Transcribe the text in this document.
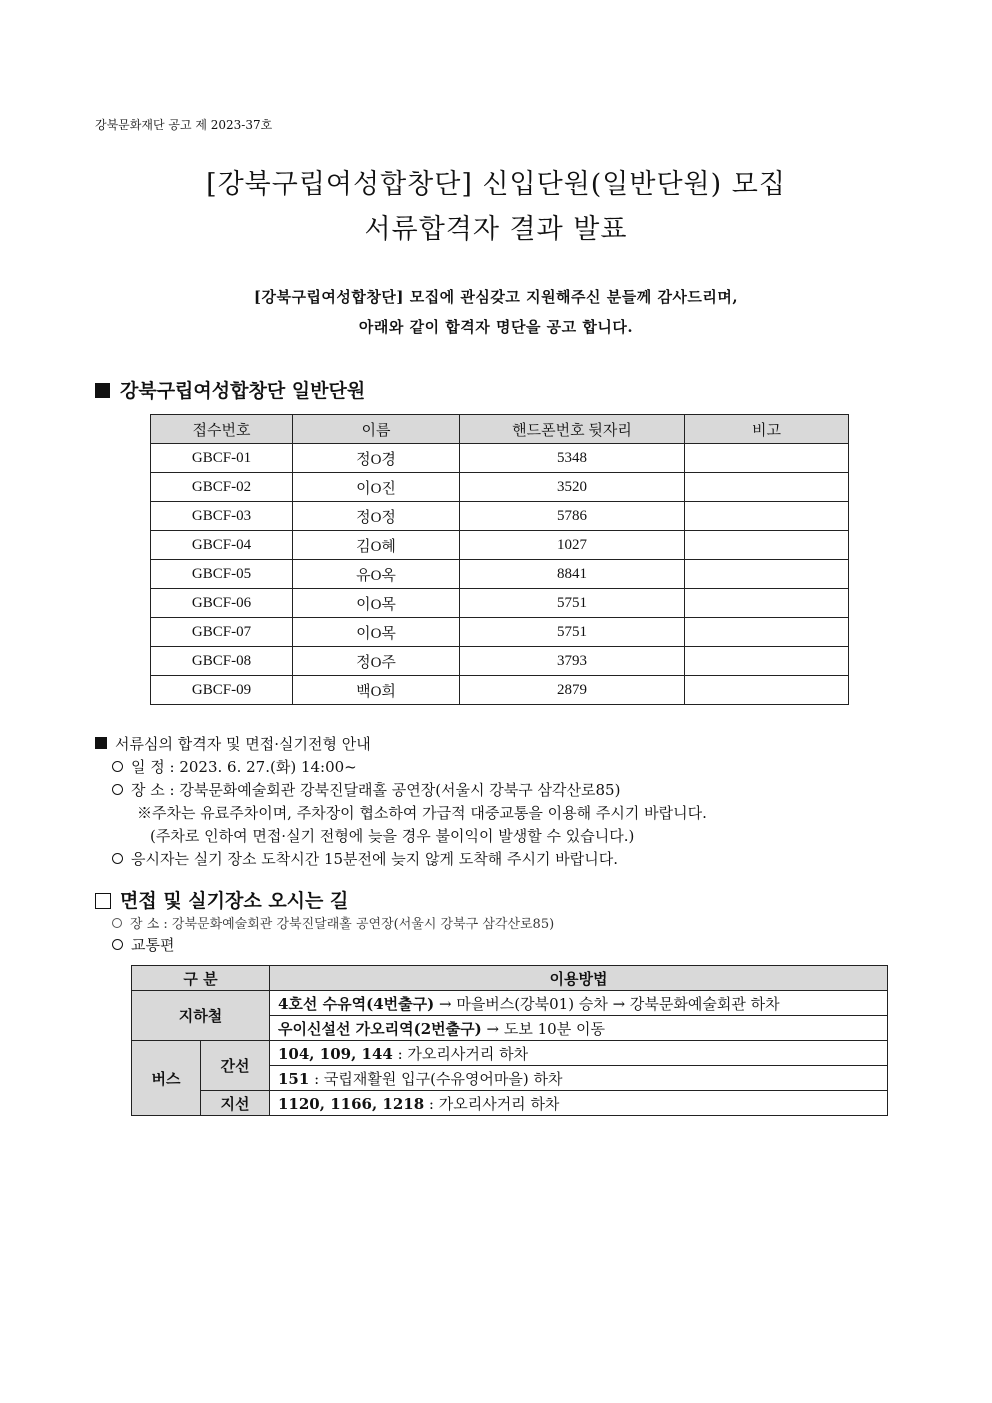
강북문화재단 공고 제 2023-37호
[강북구립여성합창단] 신입단원(일반단원) 모집
서류합격자 결과 발표
[강북구립여성합창단] 모집에 관심갖고 지원해주신 분들께 감사드리며,
아래와 같이 합격자 명단을 공고 합니다.
강북구립여성합창단 일반단원
접수번호	이름	핸드폰번호 뒷자리	비고
GBCF-01	정O경	5348	
GBCF-02	이O진	3520	
GBCF-03	정O정	5786	
GBCF-04	김O혜	1027	
GBCF-05	유O옥	8841	
GBCF-06	이O목	5751	
GBCF-07	이O목	5751	
GBCF-08	정O주	3793	
GBCF-09	백O희	2879	
서류심의 합격자 및 면접·실기전형 안내
일 정 : 2023. 6. 27.(화) 14:00~
장 소 : 강북문화예술회관 강북진달래홀 공연장(서울시 강북구 삼각산로85)
※주차는 유료주차이며, 주차장이 협소하여 가급적 대중교통을 이용해 주시기 바랍니다.
(주차로 인하여 면접·실기 전형에 늦을 경우 불이익이 발생할 수 있습니다.)
응시자는 실기 장소 도착시간 15분전에 늦지 않게 도착해 주시기 바랍니다.
면접 및 실기장소 오시는 길
장 소 : 강북문화예술회관 강북진달래홀 공연장(서울시 강북구 삼각산로85)
교통편
구 분		이용방법
지하철		4호선 수유역(4번출구) → 마을버스(강북01) 승차 → 강북문화예술회관 하차
		우이신설선 가오리역(2번출구) → 도보 10분 이동
버스	간선	104, 109, 144 : 가오리사거리 하차
		151 : 국립재활원 입구(수유영어마을) 하차
	지선	1120, 1166, 1218 : 가오리사거리 하차
